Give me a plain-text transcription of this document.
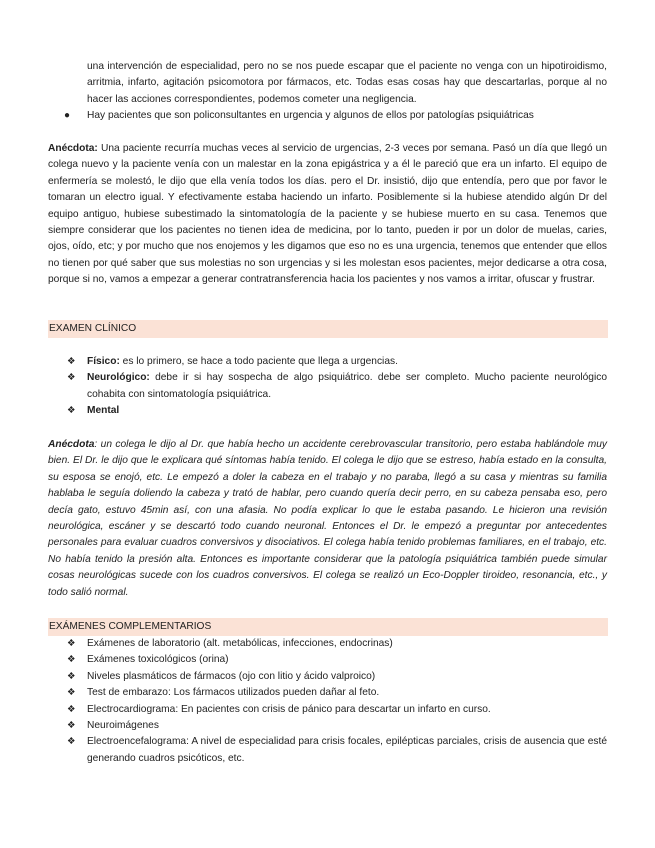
una intervención de especialidad, pero no se nos puede escapar que el paciente no venga con un hipotiroidismo, arritmia, infarto, agitación psicomotora por fármacos, etc. Todas esas cosas hay que descartarlas, porque al no hacer las acciones correspondientes, podemos cometer una negligencia.

●	Hay pacientes que son policonsultantes en urgencia y algunos de ellos por patologías psiquiátricas

Anécdota: Una paciente recurría muchas veces al servicio de urgencias, 2-3 veces por semana. Pasó un día que llegó un colega nuevo y la paciente venía con un malestar en la zona epigástrica y a él le pareció que era un infarto. El equipo de enfermería se molestó, le dijo que ella venía todos los días. pero el Dr. insistió, dijo que entendía, pero que por favor le tomaran un electro igual. Y efectivamente estaba haciendo un infarto. Posiblemente si la hubiese atendido algún Dr del equipo antiguo, hubiese subestimado la sintomatología de la paciente y se hubiese muerto en su casa. Tenemos que siempre considerar que los pacientes no tienen idea de medicina, por lo tanto, pueden ir por un dolor de muelas, caries, ojos, oído, etc; y por mucho que nos enojemos y les digamos que eso no es una urgencia, tenemos que entender que ellos no tienen por qué saber que sus molestias no son urgencias y si les molestan esos pacientes, mejor dedicarse a otra cosa, porque si no, vamos a empezar a generar contratransferencia hacia los pacientes y nos vamos a irritar, ofuscar y frustrar.

EXAMEN CLÍNICO
❖	Físico: es lo primero, se hace a todo paciente que llega a urgencias.
❖	Neurológico: debe ir si hay sospecha de algo psiquiátrico. debe ser completo. Mucho paciente neurológico cohabita con sintomatología psiquiátrica.
❖	Mental

Anécdota: un colega le dijo al Dr. que había hecho un accidente cerebrovascular transitorio, pero estaba hablándole muy bien. El Dr. le dijo que le explicara qué síntomas había tenido. El colega le dijo que se estreso, había estado en la consulta, su esposa se enojó, etc. Le empezó a doler la cabeza en el trabajo y no paraba, llegó a su casa y mientras su familia hablaba le seguía doliendo la cabeza y trató de hablar, pero cuando quería decir perro, en su cabeza pensaba eso, pero decía gato, estuvo 45min así, con una afasia. No podía explicar lo que le estaba pasando. Le hicieron una revisión neurológica, escáner y se descartó todo cuando neuronal. Entonces el Dr. le empezó a preguntar por antecedentes personales para evaluar cuadros conversivos y disociativos. El colega había tenido problemas familiares, en el trabajo, etc. No había tenido la presión alta. Entonces es importante considerar que la patología psiquiátrica también puede simular cosas neurológicas sucede con los cuadros conversivos. El colega se realizó un Eco-Doppler tiroideo, resonancia, etc., y todo salió normal.

EXÁMENES COMPLEMENTARIOS
❖	Exámenes de laboratorio (alt. metabólicas, infecciones, endocrinas)
❖	Exámenes toxicológicos (orina)
❖	Niveles plasmáticos de fármacos (ojo con litio y ácido valproico)
❖	Test de embarazo: Los fármacos utilizados pueden dañar al feto.
❖	Electrocardiograma: En pacientes con crisis de pánico para descartar un infarto en curso.
❖	Neuroimágenes
❖	Electroencefalograma: A nivel de especialidad para crisis focales, epilépticas parciales, crisis de ausencia que esté generando cuadros psicóticos, etc.
